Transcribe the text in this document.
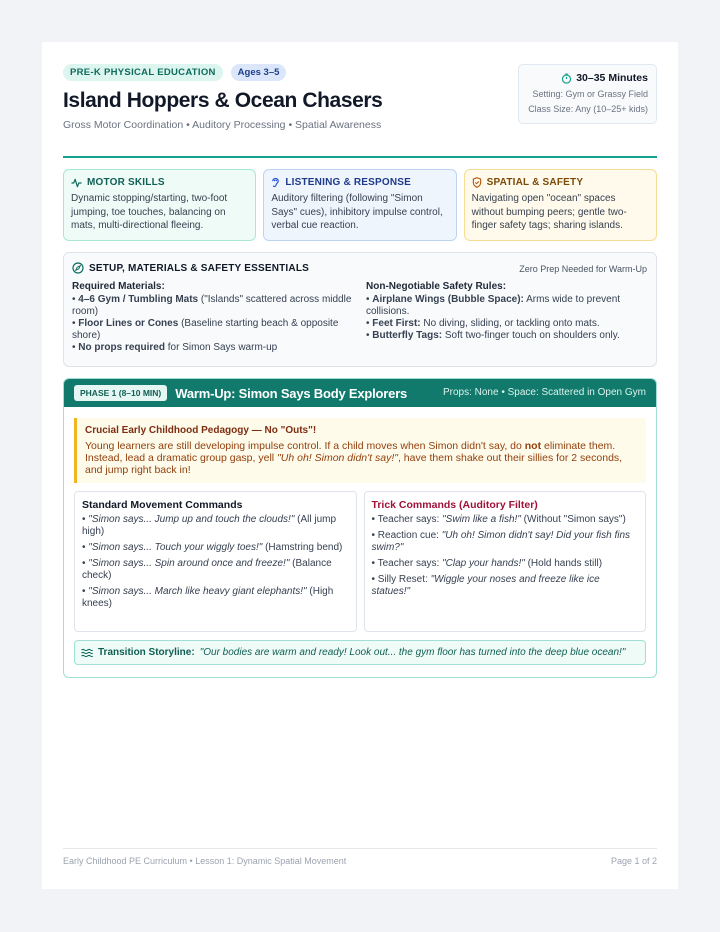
PRE-K PHYSICAL EDUCATION	Ages 3–5
Island Hoppers & Ocean Chasers
Gross Motor Coordination • Auditory Processing • Spatial Awareness
30–35 Minutes
Setting: Gym or Grassy Field
Class Size: Any (10–25+ kids)
MOTOR SKILLS
Dynamic stopping/starting, two-foot jumping, toe touches, balancing on mats, multi-directional fleeing.
LISTENING & RESPONSE
Auditory filtering (following "Simon Says" cues), inhibitory impulse control, verbal cue reaction.
SPATIAL & SAFETY
Navigating open "ocean" spaces without bumping peers; gentle two-finger safety tags; sharing islands.
SETUP, MATERIALS & SAFETY ESSENTIALS	Zero Prep Needed for Warm-Up
Required Materials:
• 4–6 Gym / Tumbling Mats ("Islands" scattered across middle room)
• Floor Lines or Cones (Baseline starting beach & opposite shore)
• No props required for Simon Says warm-up
Non-Negotiable Safety Rules:
• Airplane Wings (Bubble Space): Arms wide to prevent collisions.
• Feet First: No diving, sliding, or tackling onto mats.
• Butterfly Tags: Soft two-finger touch on shoulders only.
PHASE 1 (8–10 MIN)	Warm-Up: Simon Says Body Explorers	Props: None • Space: Scattered in Open Gym
Crucial Early Childhood Pedagogy — No "Outs"!
Young learners are still developing impulse control. If a child moves when Simon didn't say, do not eliminate them. Instead, lead a dramatic group gasp, yell "Uh oh! Simon didn't say!", have them shake out their sillies for 2 seconds, and jump right back in!
Standard Movement Commands
• "Simon says... Jump up and touch the clouds!" (All jump high)
• "Simon says... Touch your wiggly toes!" (Hamstring bend)
• "Simon says... Spin around once and freeze!" (Balance check)
• "Simon says... March like heavy giant elephants!" (High knees)
Trick Commands (Auditory Filter)
• Teacher says: "Swim like a fish!" (Without "Simon says")
• Reaction cue: "Uh oh! Simon didn't say! Did your fish fins swim?"
• Teacher says: "Clap your hands!" (Hold hands still)
• Silly Reset: "Wiggle your noses and freeze like ice statues!"
Transition Storyline: "Our bodies are warm and ready! Look out... the gym floor has turned into the deep blue ocean!"
Early Childhood PE Curriculum • Lesson 1: Dynamic Spatial Movement	Page 1 of 2
